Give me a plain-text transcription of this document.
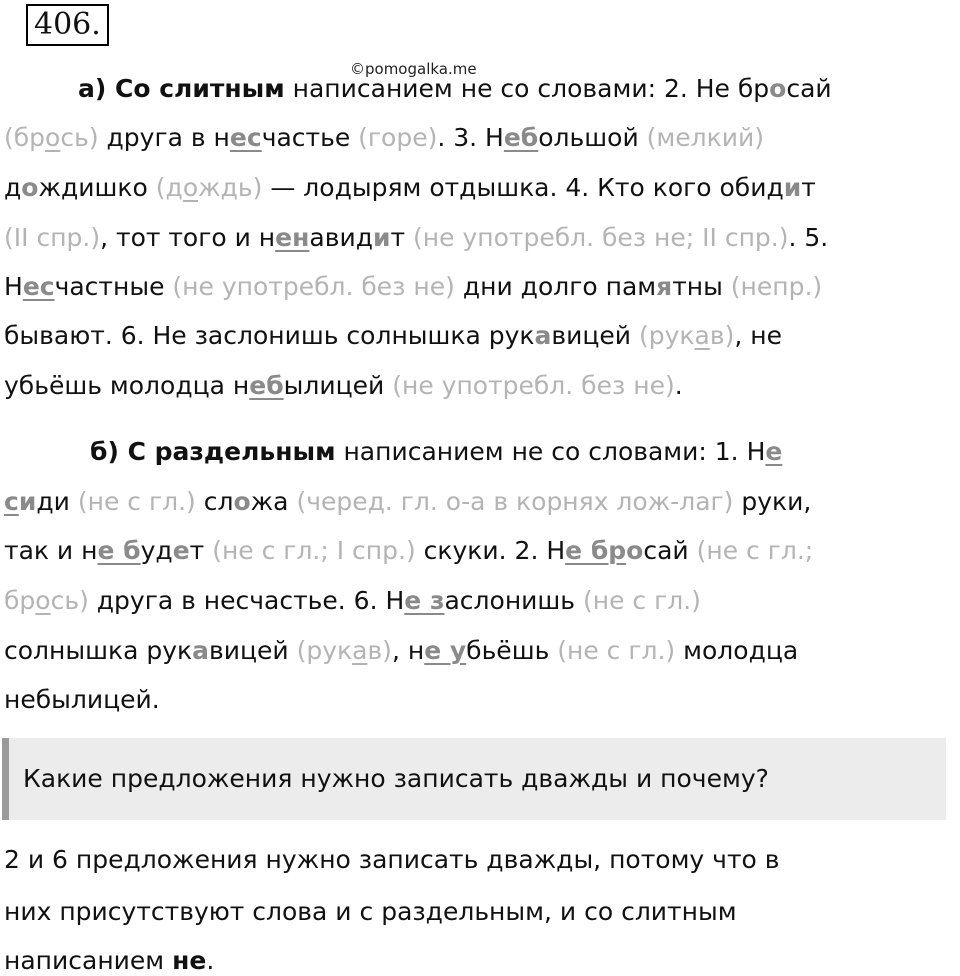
406.
©pomogalka.me
а) Со слитным написанием не со словами: 2. Не бросай
(брось) друга в несчастье (горе). 3. Небольшой (мелкий)
дождишко (дождь) — лодырям отдышка. 4. Кто кого обидит
(II спр.), тот того и ненавидит (не употребл. без не; II спр.). 5.
Несчастные (не употребл. без не) дни долго памятны (непр.)
бывают. 6. Не заслонишь солнышка рукавицей (рукав), не
убьёшь молодца небылицей (не употребл. без не).
б) С раздельным написанием не со словами: 1. Не
сиди (не с гл.) сложа (черед. гл. о-а в корнях лож-лаг) руки,
так и не будет (не с гл.; I спр.) скуки. 2. Не бросай (не с гл.;
брось) друга в несчастье. 6. Не заслонишь (не с гл.)
солнышка рукавицей (рукав), не убьёшь (не с гл.) молодца
небылицей.
Какие предложения нужно записать дважды и почему?
2 и 6 предложения нужно записать дважды, потому что в
них присутствуют слова и с раздельным, и со слитным
написанием не.
